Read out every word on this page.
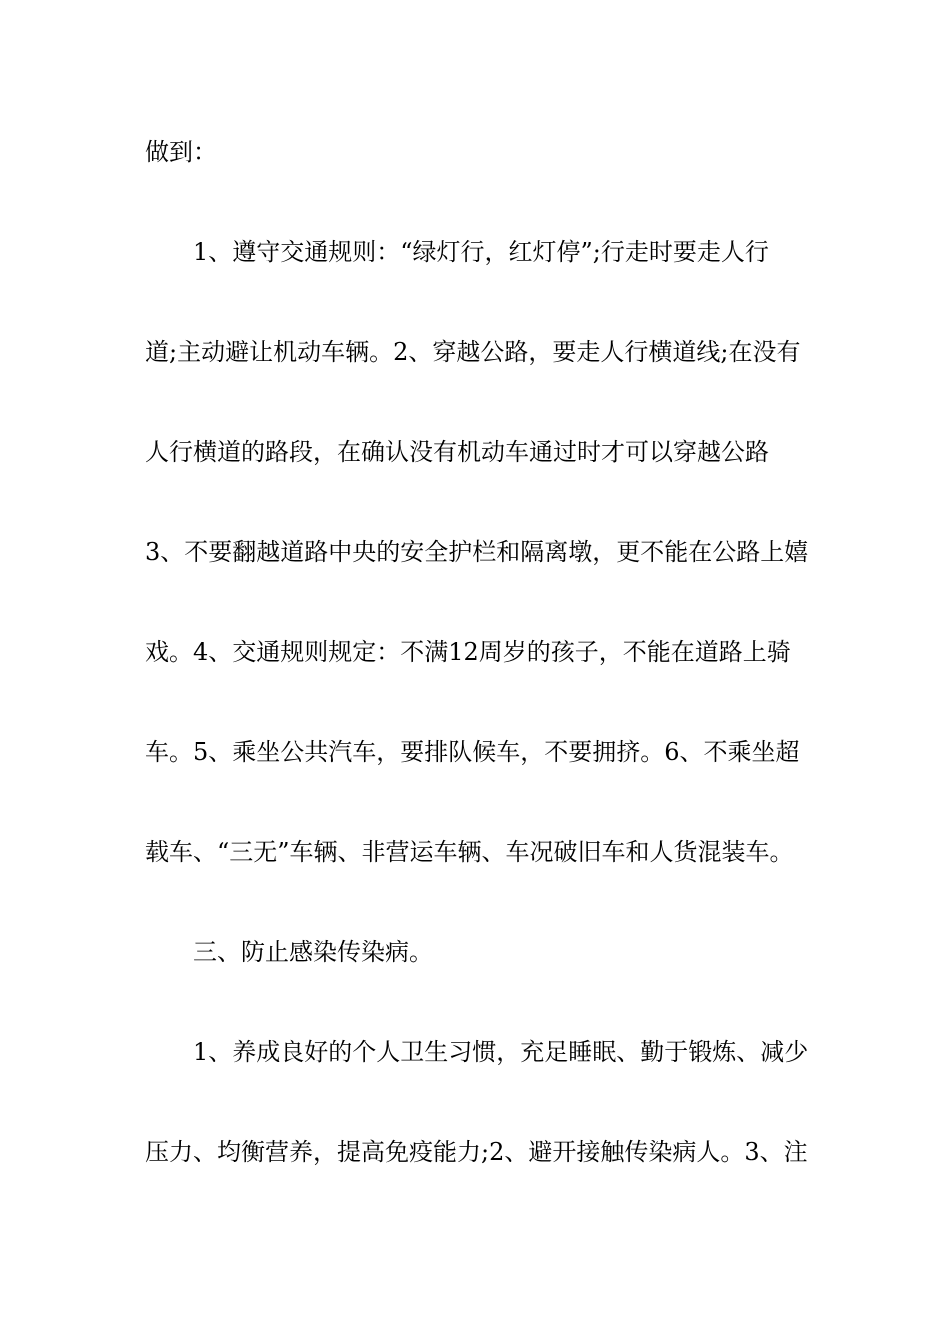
做到：
1、遵守交通规则：“绿灯行，红灯停”;行走时要走人行
道;主动避让机动车辆。2、穿越公路，要走人行横道线;在没有
人行横道的路段，在确认没有机动车通过时才可以穿越公路
3、不要翻越道路中央的安全护栏和隔离墩，更不能在公路上嬉
戏。4、交通规则规定：不满12周岁的孩子，不能在道路上骑
车。5、乘坐公共汽车，要排队候车，不要拥挤。6、不乘坐超
载车、“三无”车辆、非营运车辆、车况破旧车和人货混装车。
三、防止感染传染病。
1、养成良好的个人卫生习惯，充足睡眠、勤于锻炼、减少
压力、均衡营养，提高免疫能力;2、避开接触传染病人。3、注
